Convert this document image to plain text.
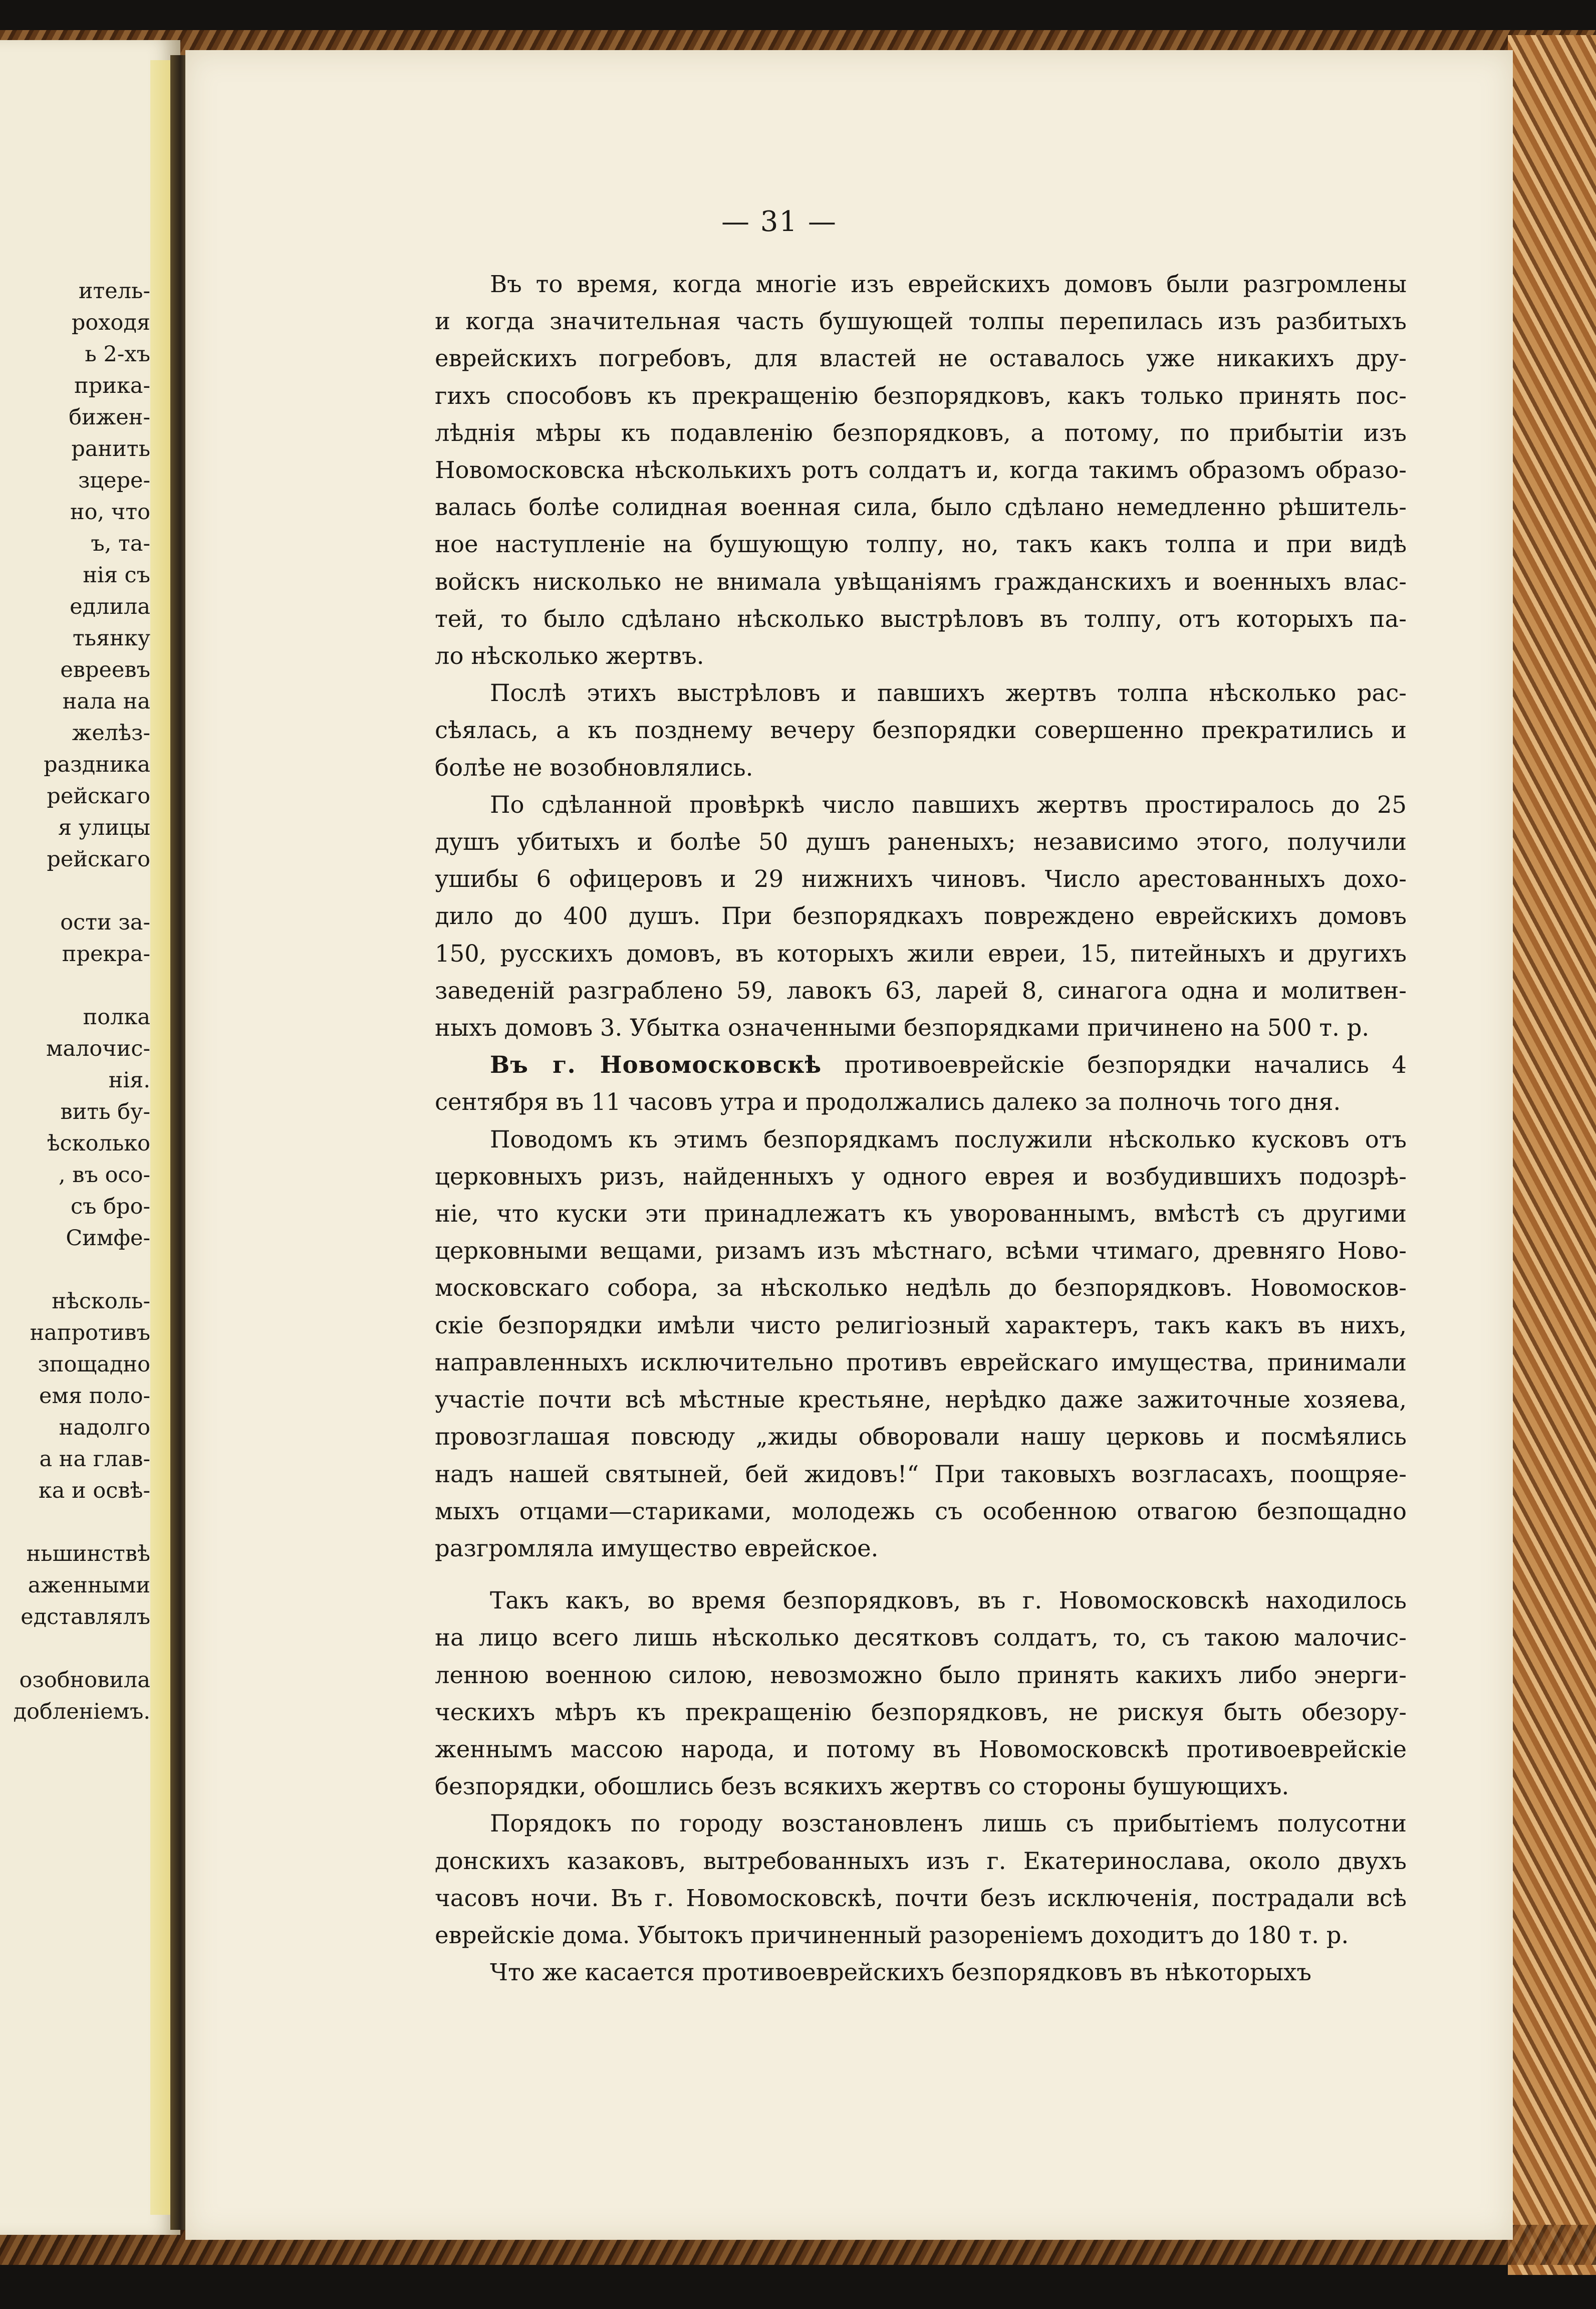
итель-
роходя
ь 2-хъ
прика-
бижен-
ранить
зцере-
но, что
ъ, та-
нія съ
едлила
тьянку
евреевъ
нала на
желѣз-
раздника
рейскаго
я улицы
рейскаго
ости за-
прекра-
полка
малочис-
нія.
вить бу-
ѣсколько
, въ осо-
съ бро-
Симфе-
нѣсколь-
напротивъ
зпощадно
емя поло-
надолго
а на глав-
ка и освѣ-
ньшинствѣ
аженными
едставлялъ
озобновила
добленіемъ.
— 31 —

Въ то время, когда многіе изъ еврейскихъ домовъ были разгромлены
и когда значительная часть бушующей толпы перепилась изъ разбитыхъ
еврейскихъ погребовъ, для властей не оставалось уже никакихъ дру-
гихъ способовъ къ прекращенію безпорядковъ, какъ только принять пос-
лѣднія мѣры къ подавленію безпорядковъ, а потому, по прибытіи изъ
Новомосковска нѣсколькихъ ротъ солдатъ и, когда такимъ образомъ образо-
валась болѣе солидная военная сила, было сдѣлано немедленно рѣшитель-
ное наступленіе на бушующую толпу, но, такъ какъ толпа и при видѣ
войскъ нисколько не внимала увѣщаніямъ гражданскихъ и военныхъ влас-
тей, то было сдѣлано нѣсколько выстрѣловъ въ толпу, отъ которыхъ па-
ло нѣсколько жертвъ.

Послѣ этихъ выстрѣловъ и павшихъ жертвъ толпа нѣсколько рас-
сѣялась, а къ позднему вечеру безпорядки совершенно прекратились и
болѣе не возобновлялись.

По сдѣланной провѣркѣ число павшихъ жертвъ простиралось до 25
душъ убитыхъ и болѣе 50 душъ раненыхъ; независимо этого, получили
ушибы 6 офицеровъ и 29 нижнихъ чиновъ. Число арестованныхъ дохо-
дило до 400 душъ. При безпорядкахъ повреждено еврейскихъ домовъ
150, русскихъ домовъ, въ которыхъ жили евреи, 15, питейныхъ и другихъ
заведеній разграблено 59, лавокъ 63, ларей 8, синагога одна и молитвен-
ныхъ домовъ 3. Убытка означенными безпорядками причинено на 500 т. р.

Въ г. Новомосковскѣ противоеврейскіе безпорядки начались 4
сентября въ 11 часовъ утра и продолжались далеко за полночь того дня.

Поводомъ къ этимъ безпорядкамъ послужили нѣсколько кусковъ отъ
церковныхъ ризъ, найденныхъ у одного еврея и возбудившихъ подозрѣ-
ніе, что куски эти принадлежатъ къ уворованнымъ, вмѣстѣ съ другими
церковными вещами, ризамъ изъ мѣстнаго, всѣми чтимаго, древняго Ново-
московскаго собора, за нѣсколько недѣль до безпорядковъ. Новомосков-
скіе безпорядки имѣли чисто религіозный характеръ, такъ какъ въ нихъ,
направленныхъ исключительно противъ еврейскаго имущества, принимали
участіе почти всѣ мѣстные крестьяне, нерѣдко даже зажиточные хозяева,
провозглашая повсюду „жиды обворовали нашу церковь и посмѣялись
надъ нашей святыней, бей жидовъ!“ При таковыхъ возгласахъ, поощряе-
мыхъ отцами—стариками, молодежь съ особенною отвагою безпощадно
разгромляла имущество еврейское.

Такъ какъ, во время безпорядковъ, въ г. Новомосковскѣ находилось
на лицо всего лишь нѣсколько десятковъ солдатъ, то, съ такою малочис-
ленною военною силою, невозможно было принять какихъ либо энерги-
ческихъ мѣръ къ прекращенію безпорядковъ, не рискуя быть обезору-
женнымъ массою народа, и потому въ Новомосковскѣ противоеврейскіе
безпорядки, обошлись безъ всякихъ жертвъ со стороны бушующихъ.

Порядокъ по городу возстановленъ лишь съ прибытіемъ полусотни
донскихъ казаковъ, вытребованныхъ изъ г. Екатеринослава, около двухъ
часовъ ночи. Въ г. Новомосковскѣ, почти безъ исключенія, пострадали всѣ
еврейскіе дома. Убытокъ причиненный разореніемъ доходитъ до 180 т. р.

Что же касается противоеврейскихъ безпорядковъ въ нѣкоторыхъ
